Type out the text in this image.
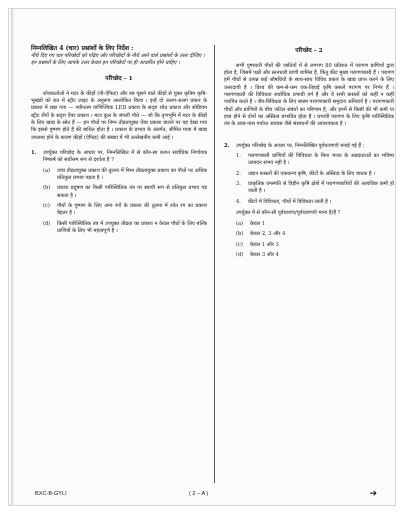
निम्नलिखित 4 (चार) प्रश्नांशों के लिए निर्देश :
नीचे दिए गए चार परिच्छेदों को पढ़िए और परिच्छेदों के नीचे आने वाले प्रश्नांशों के उत्तर दीजिए । इन प्रश्नांशों के लिए आपके उत्तर केवल इन परिच्छेदों पर ही आधारित होने चाहिए ।
परिच्छेद – 1
शोधकर्ताओं ने मटर के कीड़ों (पी-ऐफिड) और रस चूसने वाले कीड़ों से युक्त कृत्रिम कृषि-भूखंडों को रात में स्ट्रीट लाइट के अनुरूप आलोकित किया । इन्हें दो अलग-अलग प्रकार के प्रकाश में रखा गया — नवीनतम वाणिज्यिक LED प्रकाश के सदृश श्वेत प्रकाश और सोडियम स्ट्रीट लैंपों के सदृश ऐंबर प्रकाश । मटर कुल के जंगली पौधे — जो कि तृणभूमि में मटर के कीड़ों के लिए खाद्य के स्रोत हैं — इन पौधों पर निम्न तीव्रतायुक्त ऐंबर प्रकाश डालने पर यह देखा गया कि इससे पुष्पण होते हैं की बाधित होता है । प्रकाश के प्रभाव के अंतर्गत, सीमित मात्रा में खाद्य उपलब्ध होने के कारण कीड़ों (ऐफिड) की संख्या में भी उल्लेखनीय कमी आई ।
1.	उपर्युक्त परिच्छेद के आधार पर, निम्नलिखित में से कौन-सा कथन सर्वाधिक निर्णायक निष्कर्ष को सर्वोत्तम रूप से दर्शाता है ?
(a)	उच्च तीव्रतायुक्त प्रकाश की तुलना में निम्न तीव्रतायुक्त प्रकाश का पौधों पर अधिक प्रतिकूल प्रभाव पड़ता है ।
(b)	प्रकाश प्रदूषण का किसी पारिस्थितिक तंत्र पर स्थायी रूप से प्रतिकूल प्रभाव पड़ सकता है ।
(c)	पौधों के पुष्पण के लिए अन्य रंगों के प्रकाश की तुलना में श्वेत रंग का प्रकाश बेहतर है ।
(d)	किसी पारिस्थितिक तंत्र में उपयुक्त तीव्रता का प्रकाश न केवल पौधों के लिए बल्कि प्राणियों के लिए भी महत्वपूर्ण है ।
परिच्छेद – 2
सभी पुष्पधारी पौधों की जातियों में से लगभग 80 प्रतिशत में परागण प्राणियों द्वारा होता है, जिसमें पक्षी और स्तनधारी प्राणी शामिल हैं, किंतु कीट मुख्य परागणकारी हैं । परागण हमें पौधों से उत्पन्न कई औषधियों के साथ-साथ विविध प्रकार के खाद्य प्राप्त करने के लिए उत्तरदायी है । विश्व की कम-से-कम एक-तिहाई कृषि फ़सलें परागण पर निर्भर हैं । परागणकारी की विविधता सर्वाधिक प्रभावी वर्ग है और वे सभी फ़सलों को कहीं न कहीं परागित करते हैं । जैव-विविधता के लिए स्वस्थ परागणकारी समुदाय अनिवार्य है । परागणकारी पौधों और प्राणियों के बीच जटिल संबंधों का परिणाम है, और इनमें से किसी की भी कमी या हास होने से दोनों का अस्तित्व प्रभावित होता है । प्रभावी परागण के लिए कृषि पारिस्थितिक तंत्र के आस-पास पर्याप्त आवास जैसे संसाधनों की आवश्यकता है ।
2.	उपर्युक्त परिच्छेद के आधार पर, निम्नलिखित पूर्वधारणाएँ बनाई गई हैं :
1.	परागणकारी प्राणियों की विविधता के बिना भारत के अन्नदाताओं का भविष्य उत्पादन संभव नहीं है ।
2.	उद्यान फ़सलों की एकधान्य कृषि, कीटों के अस्तित्व के लिए बाधक है ।
3.	प्राकृतिक वनस्पति से विहीन कृषि क्षेत्रों में परागणकारियों की अत्यधिक कमी हो जाती है ।
4.	कीटों में विविधता, पौधों में विविधता लाती है ।
उपर्युक्त में से कौन-सी पूर्वधारणा/पूर्वधारणाएँ मान्य है/हैं ?
(a)	केवल 1
(b)	केवल 2, 3 और 4
(c)	केवल 1 और 3
(d)	केवल 3 और 4
BXC-B-GYLI	( 2 – A )	➔
